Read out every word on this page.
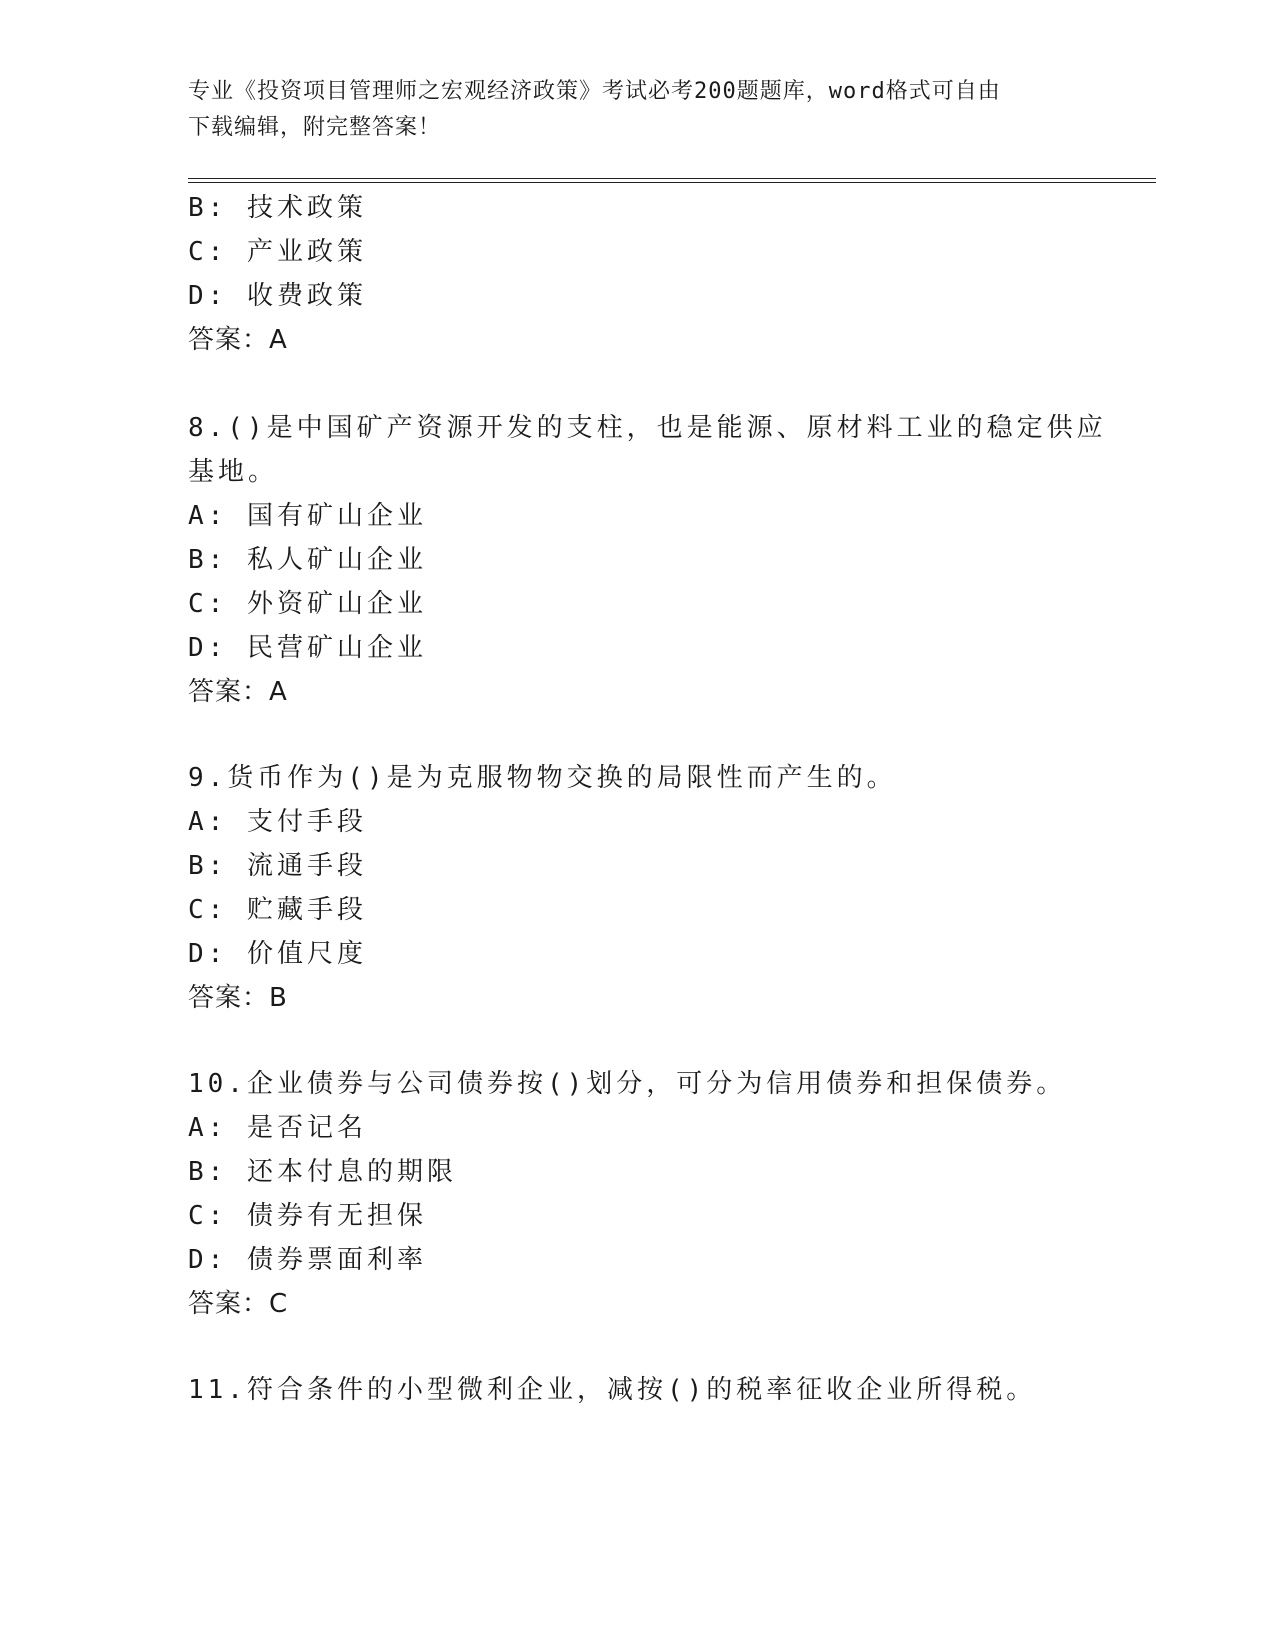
专业《投资项目管理师之宏观经济政策》考试必考200题题库，word格式可自由
下载编辑，附完整答案！
B: 技术政策
C: 产业政策
D: 收费政策
答案：A
8.()是中国矿产资源开发的支柱，也是能源、原材料工业的稳定供应
基地。
A: 国有矿山企业
B: 私人矿山企业
C: 外资矿山企业
D: 民营矿山企业
答案：A
9.货币作为()是为克服物物交换的局限性而产生的。
A: 支付手段
B: 流通手段
C: 贮藏手段
D: 价值尺度
答案：B
10.企业债券与公司债券按()划分，可分为信用债券和担保债券。
A: 是否记名
B: 还本付息的期限
C: 债券有无担保
D: 债券票面利率
答案：C
11.符合条件的小型微利企业，减按()的税率征收企业所得税。
